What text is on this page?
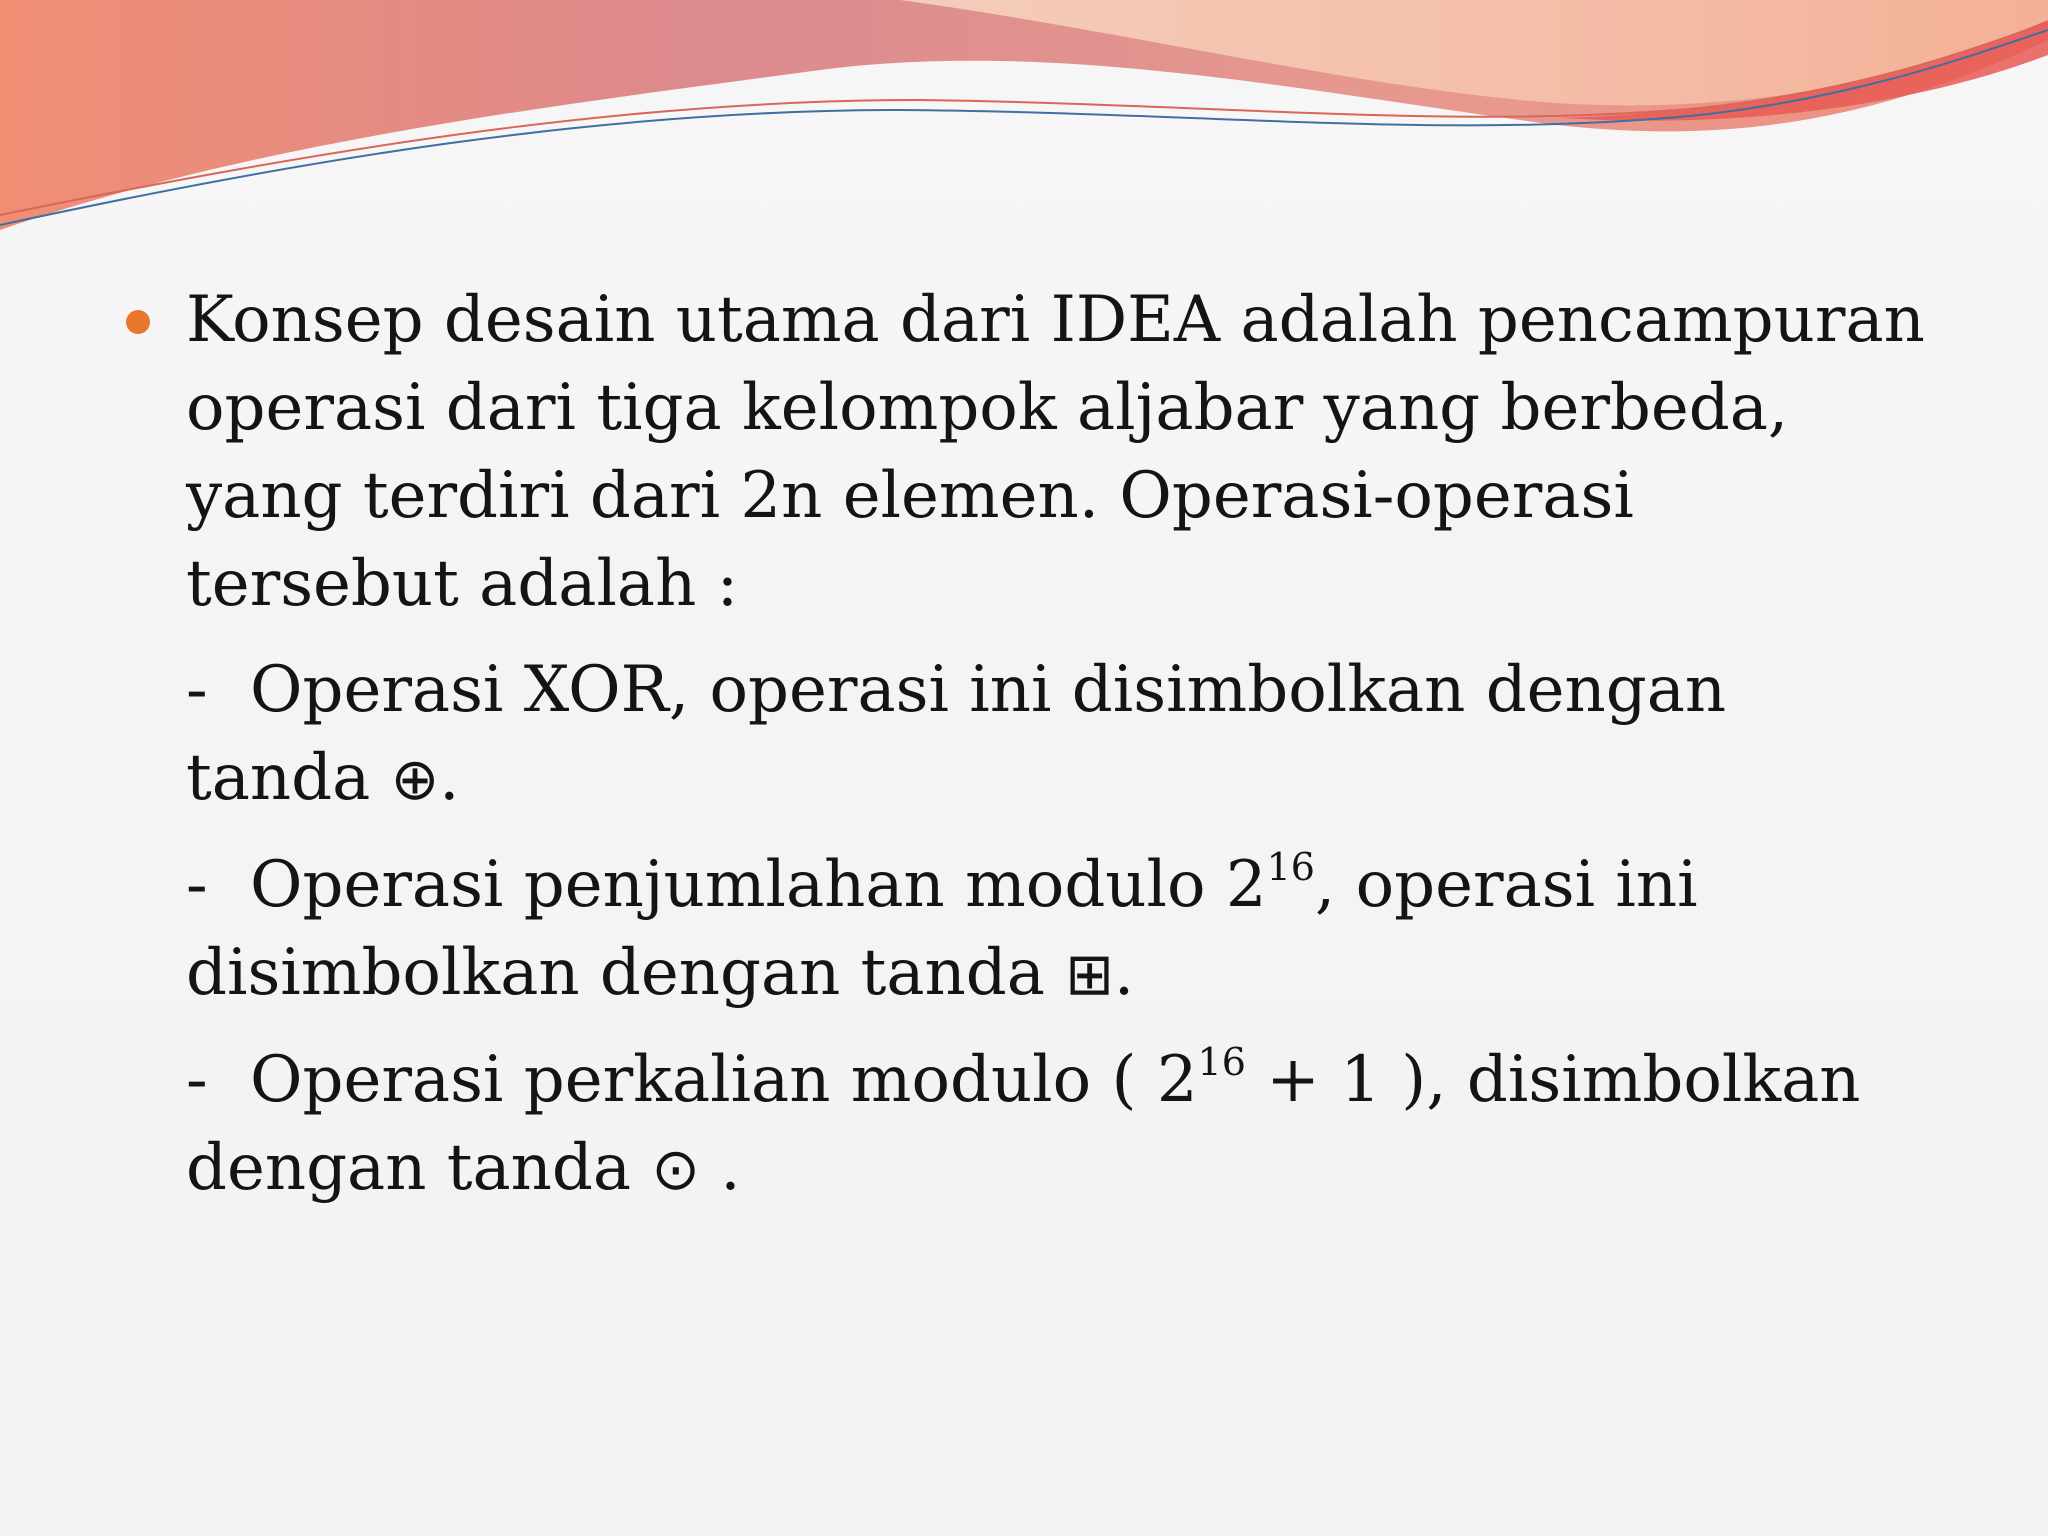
Konsep desain utama dari IDEA adalah pencampuran operasi dari tiga kelompok aljabar yang berbeda, yang terdiri dari 2n elemen. Operasi-operasi tersebut adalah :

- Operasi XOR, operasi ini disimbolkan dengan tanda ⊕.

- Operasi penjumlahan modulo $2^{16}$, operasi ini disimbolkan dengan tanda ⊞.

- Operasi perkalian modulo ( $2^{16} + 1$ ), disimbolkan dengan tanda ⊙ .
